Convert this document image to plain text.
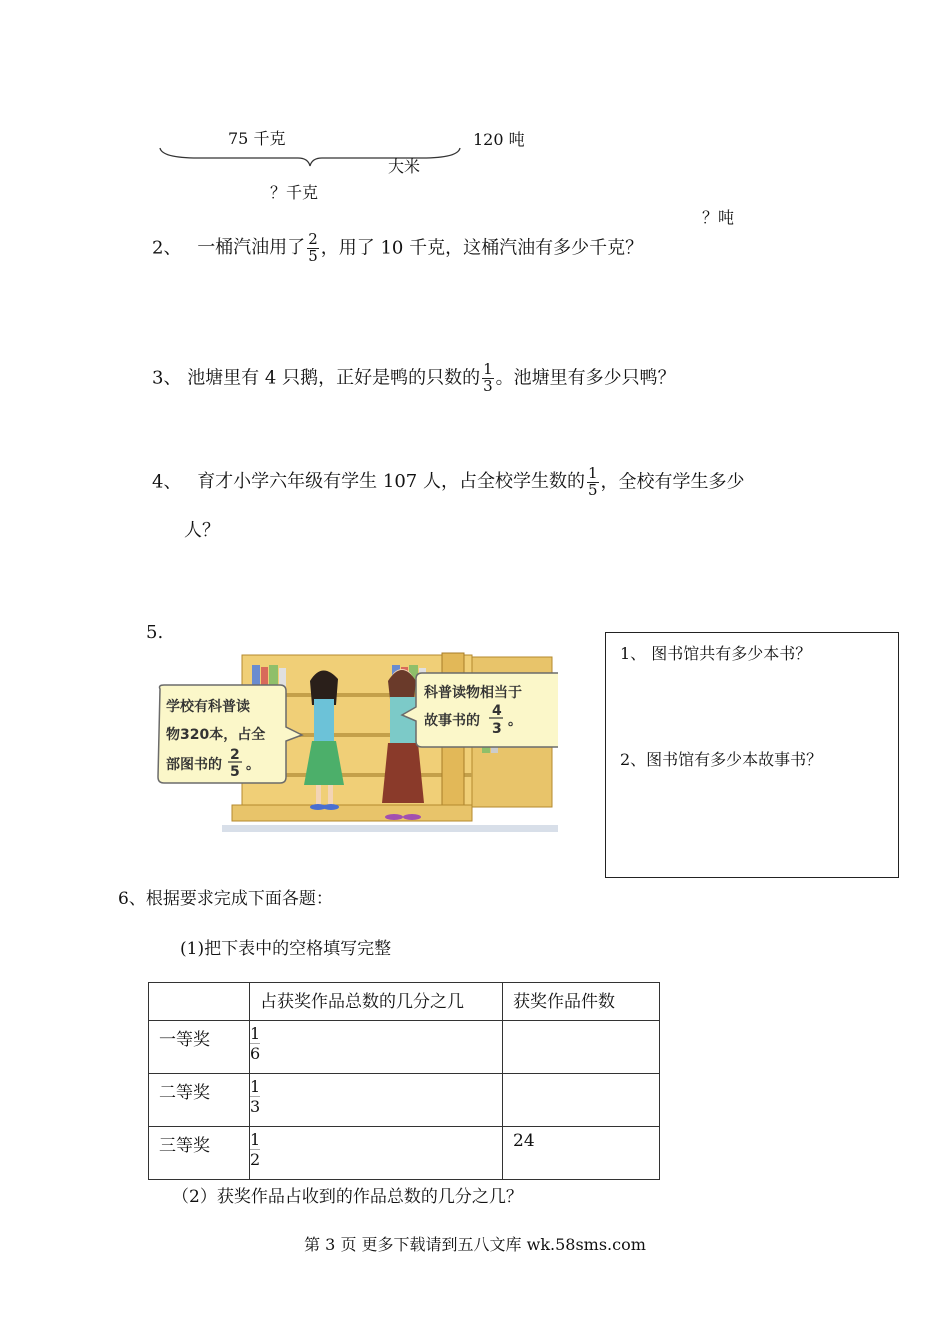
75 千克
？千克
大米
120 吨
？吨
2、 一桶汽油用了 $\frac{2}{5}$ ，用了 10 千克，这桶汽油有多少千克？
3、 池塘里有 4 只鹅，正好是鸭的只数的 $\frac{1}{3}$ 。池塘里有多少只鸭？
4、 育才小学六年级有学生 107 人，占全校学生数的 $\frac{1}{5}$ ，全校有学生多少
人？
5.
学校有科普读
物320本，占全
部图书的
2
5 。
科普读物相当于
故事书的
4
3 。
1、 图书馆共有多少本书？
2、图书馆有多少本故事书？
6、根据要求完成下面各题：
(1)把下表中的空格填写完整
	占获奖作品总数的几分之几	获奖作品件数
一等奖	$\frac{1}{6}$

二等奖	$\frac{1}{3}$

三等奖	$\frac{1}{2}$	24
（2）获奖作品占收到的作品总数的几分之几？
第 3 页 更多下载请到五八文库 wk.58sms.com
